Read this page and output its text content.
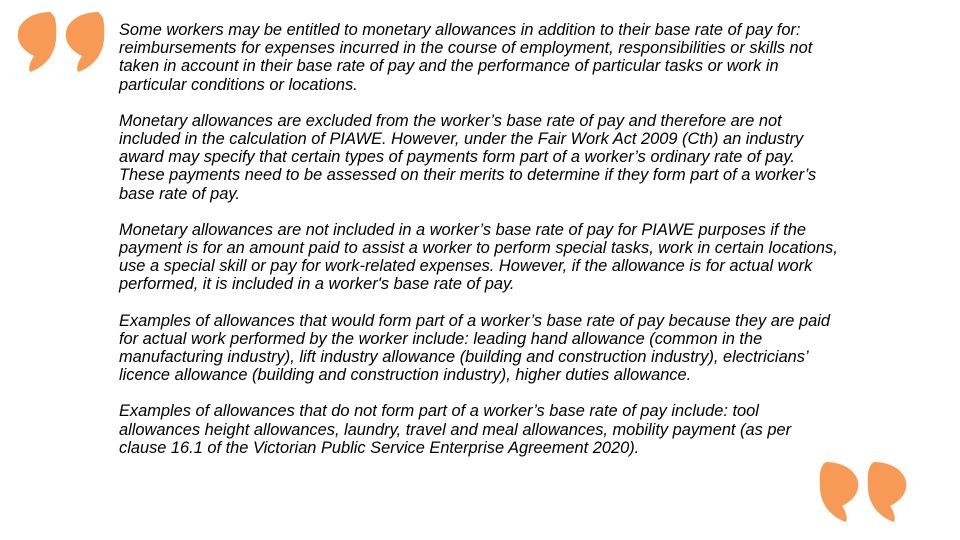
Some workers may be entitled to monetary allowances in addition to their base rate of pay for: reimbursements for expenses incurred in the course of employment, responsibilities or skills not taken in account in their base rate of pay and the performance of particular tasks or work in particular conditions or locations.

Monetary allowances are excluded from the worker’s base rate of pay and therefore are not included in the calculation of PIAWE. However, under the Fair Work Act 2009 (Cth) an industry award may specify that certain types of payments form part of a worker’s ordinary rate of pay. These payments need to be assessed on their merits to determine if they form part of a worker’s base rate of pay.

Monetary allowances are not included in a worker’s base rate of pay for PIAWE purposes if the payment is for an amount paid to assist a worker to perform special tasks, work in certain locations, use a special skill or pay for work-related expenses. However, if the allowance is for actual work performed, it is included in a worker's base rate of pay.

Examples of allowances that would form part of a worker’s base rate of pay because they are paid for actual work performed by the worker include: leading hand allowance (common in the manufacturing industry), lift industry allowance (building and construction industry), electricians’ licence allowance (building and construction industry), higher duties allowance.

Examples of allowances that do not form part of a worker’s base rate of pay include: tool allowances height allowances, laundry, travel and meal allowances, mobility payment (as per clause 16.1 of the Victorian Public Service Enterprise Agreement 2020).
